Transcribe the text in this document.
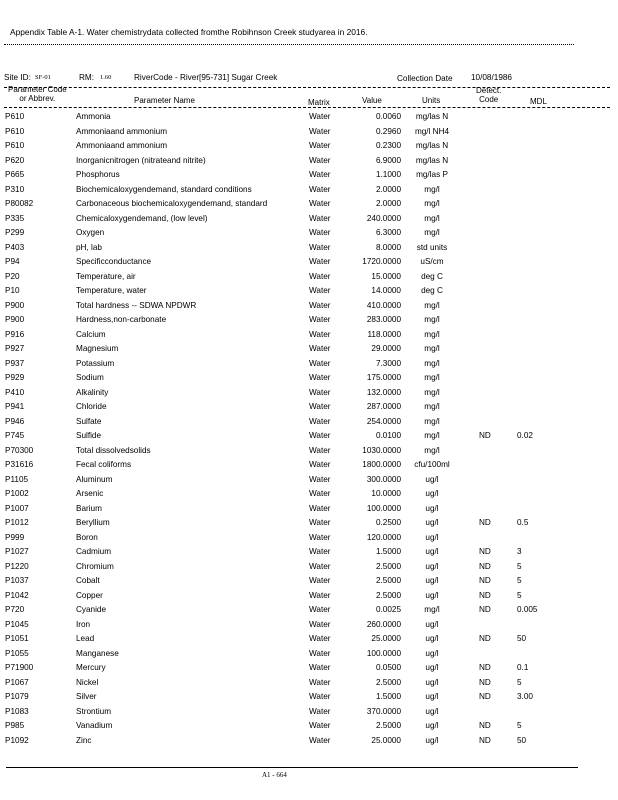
Appendix Table A-1. Water chemistrydata collected fromthe Robihnson Creek studyarea in 2016.
Site ID: SF-01	RM: 1.60	RiverCode - River[95-731] Sugar Creek	Collection Date 10/08/1986
Parameter Code
or Abbrev.	Parameter Name	Matrix	Value	Units
Detect.
Code	MDL
P610	Ammonia	Water	0.0060	mg/las N
P610	Ammoniaand ammonium	Water	0.2960	mg/l NH4
P610	Ammoniaand ammonium	Water	0.2300	mg/las N
P620	Inorganicnitrogen (nitrateand nitrite)	Water	6.9000	mg/las N
P665	Phosphorus	Water	1.1000	mg/las P
P310	Biochemicaloxygendemand, standard conditions	Water	2.0000	mg/l
P80082	Carbonaceous biochemicaloxygendemand, standard	Water	2.0000	mg/l
P335	Chemicaloxygendemand, (low level)	Water	240.0000	mg/l
P299	Oxygen	Water	6.3000	mg/l
P403	pH, lab	Water	8.0000	std units
P94	Specificconductance	Water	1720.0000	uS/cm
P20	Temperature, air	Water	15.0000	deg C
P10	Temperature, water	Water	14.0000	deg C
P900	Total hardness -- SDWA NPDWR	Water	410.0000	mg/l
P900	Hardness,non-carbonate	Water	283.0000	mg/l
P916	Calcium	Water	118.0000	mg/l
P927	Magnesium	Water	29.0000	mg/l
P937	Potassium	Water	7.3000	mg/l
P929	Sodium	Water	175.0000	mg/l
P410	Alkalinity	Water	132.0000	mg/l
P941	Chloride	Water	287.0000	mg/l
P946	Sulfate	Water	254.0000	mg/l
P745	Sulfide	Water	0.0100	mg/l	ND	0.02
P70300	Total dissolvedsolids	Water	1030.0000	mg/l
P31616	Fecal coliforms	Water	1800.0000	cfu/100ml
P1105	Aluminum	Water	300.0000	ug/l
P1002	Arsenic	Water	10.0000	ug/l
P1007	Barium	Water	100.0000	ug/l
P1012	Beryllium	Water	0.2500	ug/l	ND	0.5
P999	Boron	Water	120.0000	ug/l
P1027	Cadmium	Water	1.5000	ug/l	ND	3
P1220	Chromium	Water	2.5000	ug/l	ND	5
P1037	Cobalt	Water	2.5000	ug/l	ND	5
P1042	Copper	Water	2.5000	ug/l	ND	5
P720	Cyanide	Water	0.0025	mg/l	ND	0.005
P1045	Iron	Water	260.0000	ug/l
P1051	Lead	Water	25.0000	ug/l	ND	50
P1055	Manganese	Water	100.0000	ug/l
P71900	Mercury	Water	0.0500	ug/l	ND	0.1
P1067	Nickel	Water	2.5000	ug/l	ND	5
P1079	Silver	Water	1.5000	ug/l	ND	3.00
P1083	Strontium	Water	370.0000	ug/l
P985	Vanadium	Water	2.5000	ug/l	ND	5
P1092	Zinc	Water	25.0000	ug/l	ND	50
A1 - 664
